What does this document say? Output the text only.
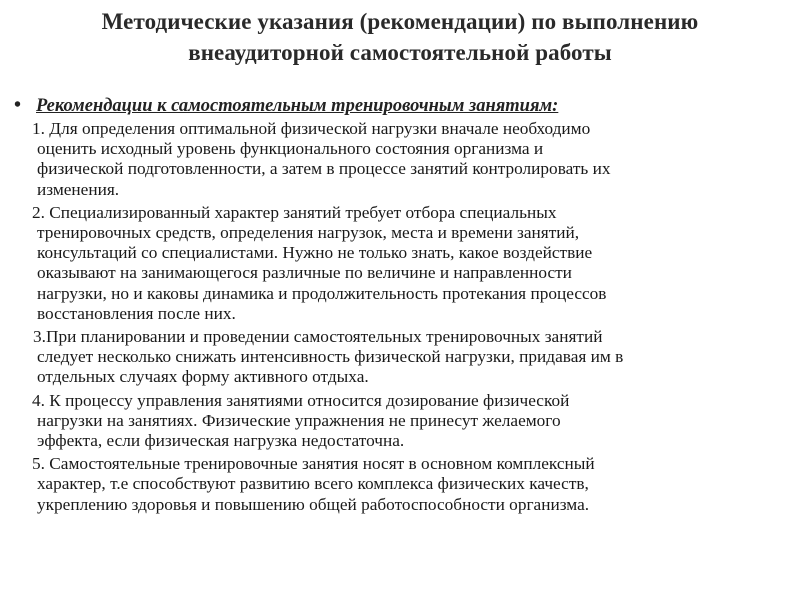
Методические указания (рекомендации) по выполнению
внеаудиторной самостоятельной работы
• Рекомендации к самостоятельным тренировочным занятиям:
1. Для определения оптимальной физической нагрузки вначале необходимо
оценить исходный уровень функционального состояния организма и
физической подготовленности, а затем в процессе занятий контролировать их
изменения.
2. Специализированный характер занятий требует отбора специальных
тренировочных средств, определения нагрузок, места и времени занятий,
консультаций со специалистами. Нужно не только знать, какое воздействие
оказывают на занимающегося различные по величине и направленности
нагрузки, но и каковы динамика и продолжительность протекания процессов
восстановления после них.
3.При планировании и проведении самостоятельных тренировочных занятий
следует несколько снижать интенсивность физической нагрузки, придавая им в
отдельных случаях форму активного отдыха.
4. К процессу управления занятиями относится дозирование физической
нагрузки на занятиях. Физические упражнения не принесут желаемого
эффекта, если физическая нагрузка недостаточна.
5. Самостоятельные тренировочные занятия носят в основном комплексный
характер, т.е способствуют развитию всего комплекса физических качеств,
укреплению здоровья и повышению общей работоспособности организма.
